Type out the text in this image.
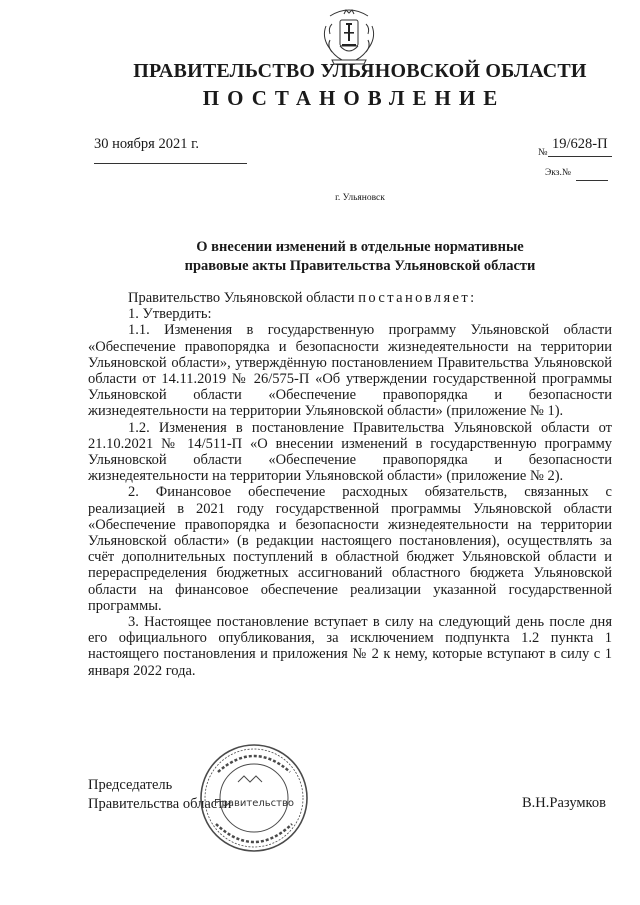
ПРАВИТЕЛЬСТВО УЛЬЯНОВСКОЙ ОБЛАСТИ
ПОСТАНОВЛЕНИЕ
30 ноября 2021 г.
№
19/628-П
Экз.№
г. Ульяновск
О внесении изменений в отдельные нормативные
правовые акты Правительства Ульяновской области

Правительство Ульяновской области постановляет:

1. Утвердить:

1.1. Изменения в государственную программу Ульяновской области «Обеспечение правопорядка и безопасности жизнедеятельности на территории Ульяновской области», утверждённую постановлением Правительства Ульяновской области от 14.11.2019 № 26/575-П «Об утверждении государственной программы Ульяновской области «Обеспечение правопорядка и безопасности жизнедеятельности на территории Ульяновской области» (приложение № 1).

1.2. Изменения в постановление Правительства Ульяновской области от 21.10.2021 № 14/511-П «О внесении изменений в государственную программу Ульяновской области «Обеспечение правопорядка и безопасности жизнедеятельности на территории Ульяновской области» (приложение № 2).

2. Финансовое обеспечение расходных обязательств, связанных с реализацией в 2021 году государственной программы Ульяновской области «Обеспечение правопорядка и безопасности жизнедеятельности на территории Ульяновской области» (в редакции настоящего постановления), осуществлять за счёт дополнительных поступлений в областной бюджет Ульяновской области и перераспределения бюджетных ассигнований областного бюджета Ульяновской области на финансовое обеспечение реализации указанной государственной программы.

3. Настоящее постановление вступает в силу на следующий день после дня его официального опубликования, за исключением подпункта 1.2 пункта 1 настоящего постановления и приложения № 2 к нему, которые вступают в силу с 1 января 2022 года.

Председатель
Правительства области	В.Н.Разумков
Правительство
